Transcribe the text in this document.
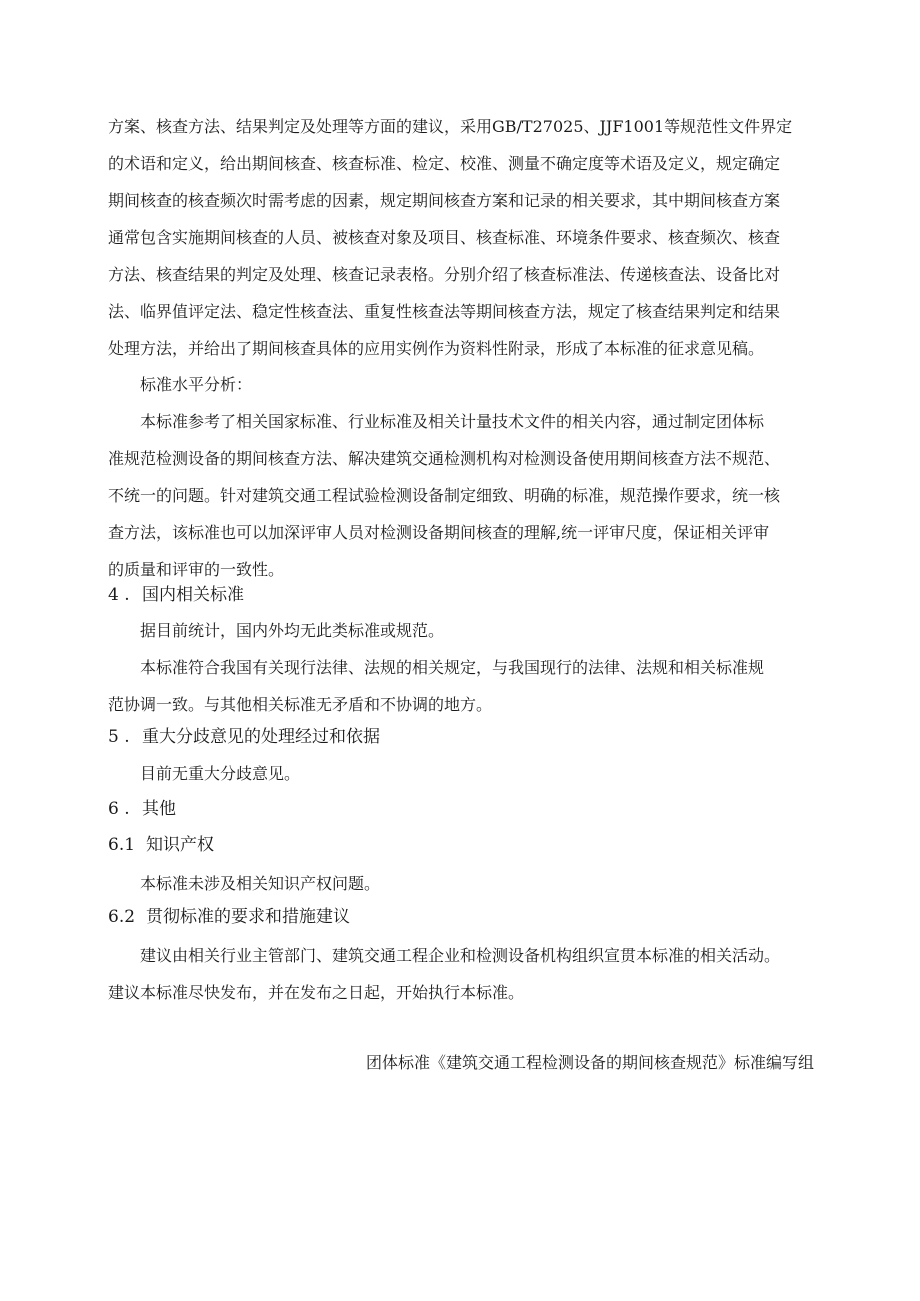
方案、核查方法、结果判定及处理等方面的建议，采用GB/T27025、JJF1001等规范性文件界定
的术语和定义，给出期间核查、核查标准、检定、校准、测量不确定度等术语及定义，规定确定
期间核查的核查频次时需考虑的因素，规定期间核查方案和记录的相关要求，其中期间核查方案
通常包含实施期间核查的人员、被核查对象及项目、核查标准、环境条件要求、核查频次、核查
方法、核查结果的判定及处理、核查记录表格。分别介绍了核查标准法、传递核查法、设备比对
法、临界值评定法、稳定性核查法、重复性核查法等期间核查方法，规定了核查结果判定和结果
处理方法，并给出了期间核查具体的应用实例作为资料性附录，形成了本标准的征求意见稿。
标准水平分析：
本标准参考了相关国家标准、行业标准及相关计量技术文件的相关内容，通过制定团体标
准规范检测设备的期间核查方法、解决建筑交通检测机构对检测设备使用期间核查方法不规范、
不统一的问题。针对建筑交通工程试验检测设备制定细致、明确的标准，规范操作要求，统一核
查方法，该标准也可以加深评审人员对检测设备期间核查的理解,统一评审尺度，保证相关评审
的质量和评审的一致性。
4 . 国内相关标准
据目前统计，国内外均无此类标准或规范。
本标准符合我国有关现行法律、法规的相关规定，与我国现行的法律、法规和相关标准规
范协调一致。与其他相关标准无矛盾和不协调的地方。
5 . 重大分歧意见的处理经过和依据
目前无重大分歧意见。
6 . 其他
6.1 知识产权
本标准未涉及相关知识产权问题。
6.2 贯彻标准的要求和措施建议
建议由相关行业主管部门、建筑交通工程企业和检测设备机构组织宣贯本标准的相关活动。
建议本标准尽快发布，并在发布之日起，开始执行本标准。
团体标准《建筑交通工程检测设备的期间核查规范》标准编写组
